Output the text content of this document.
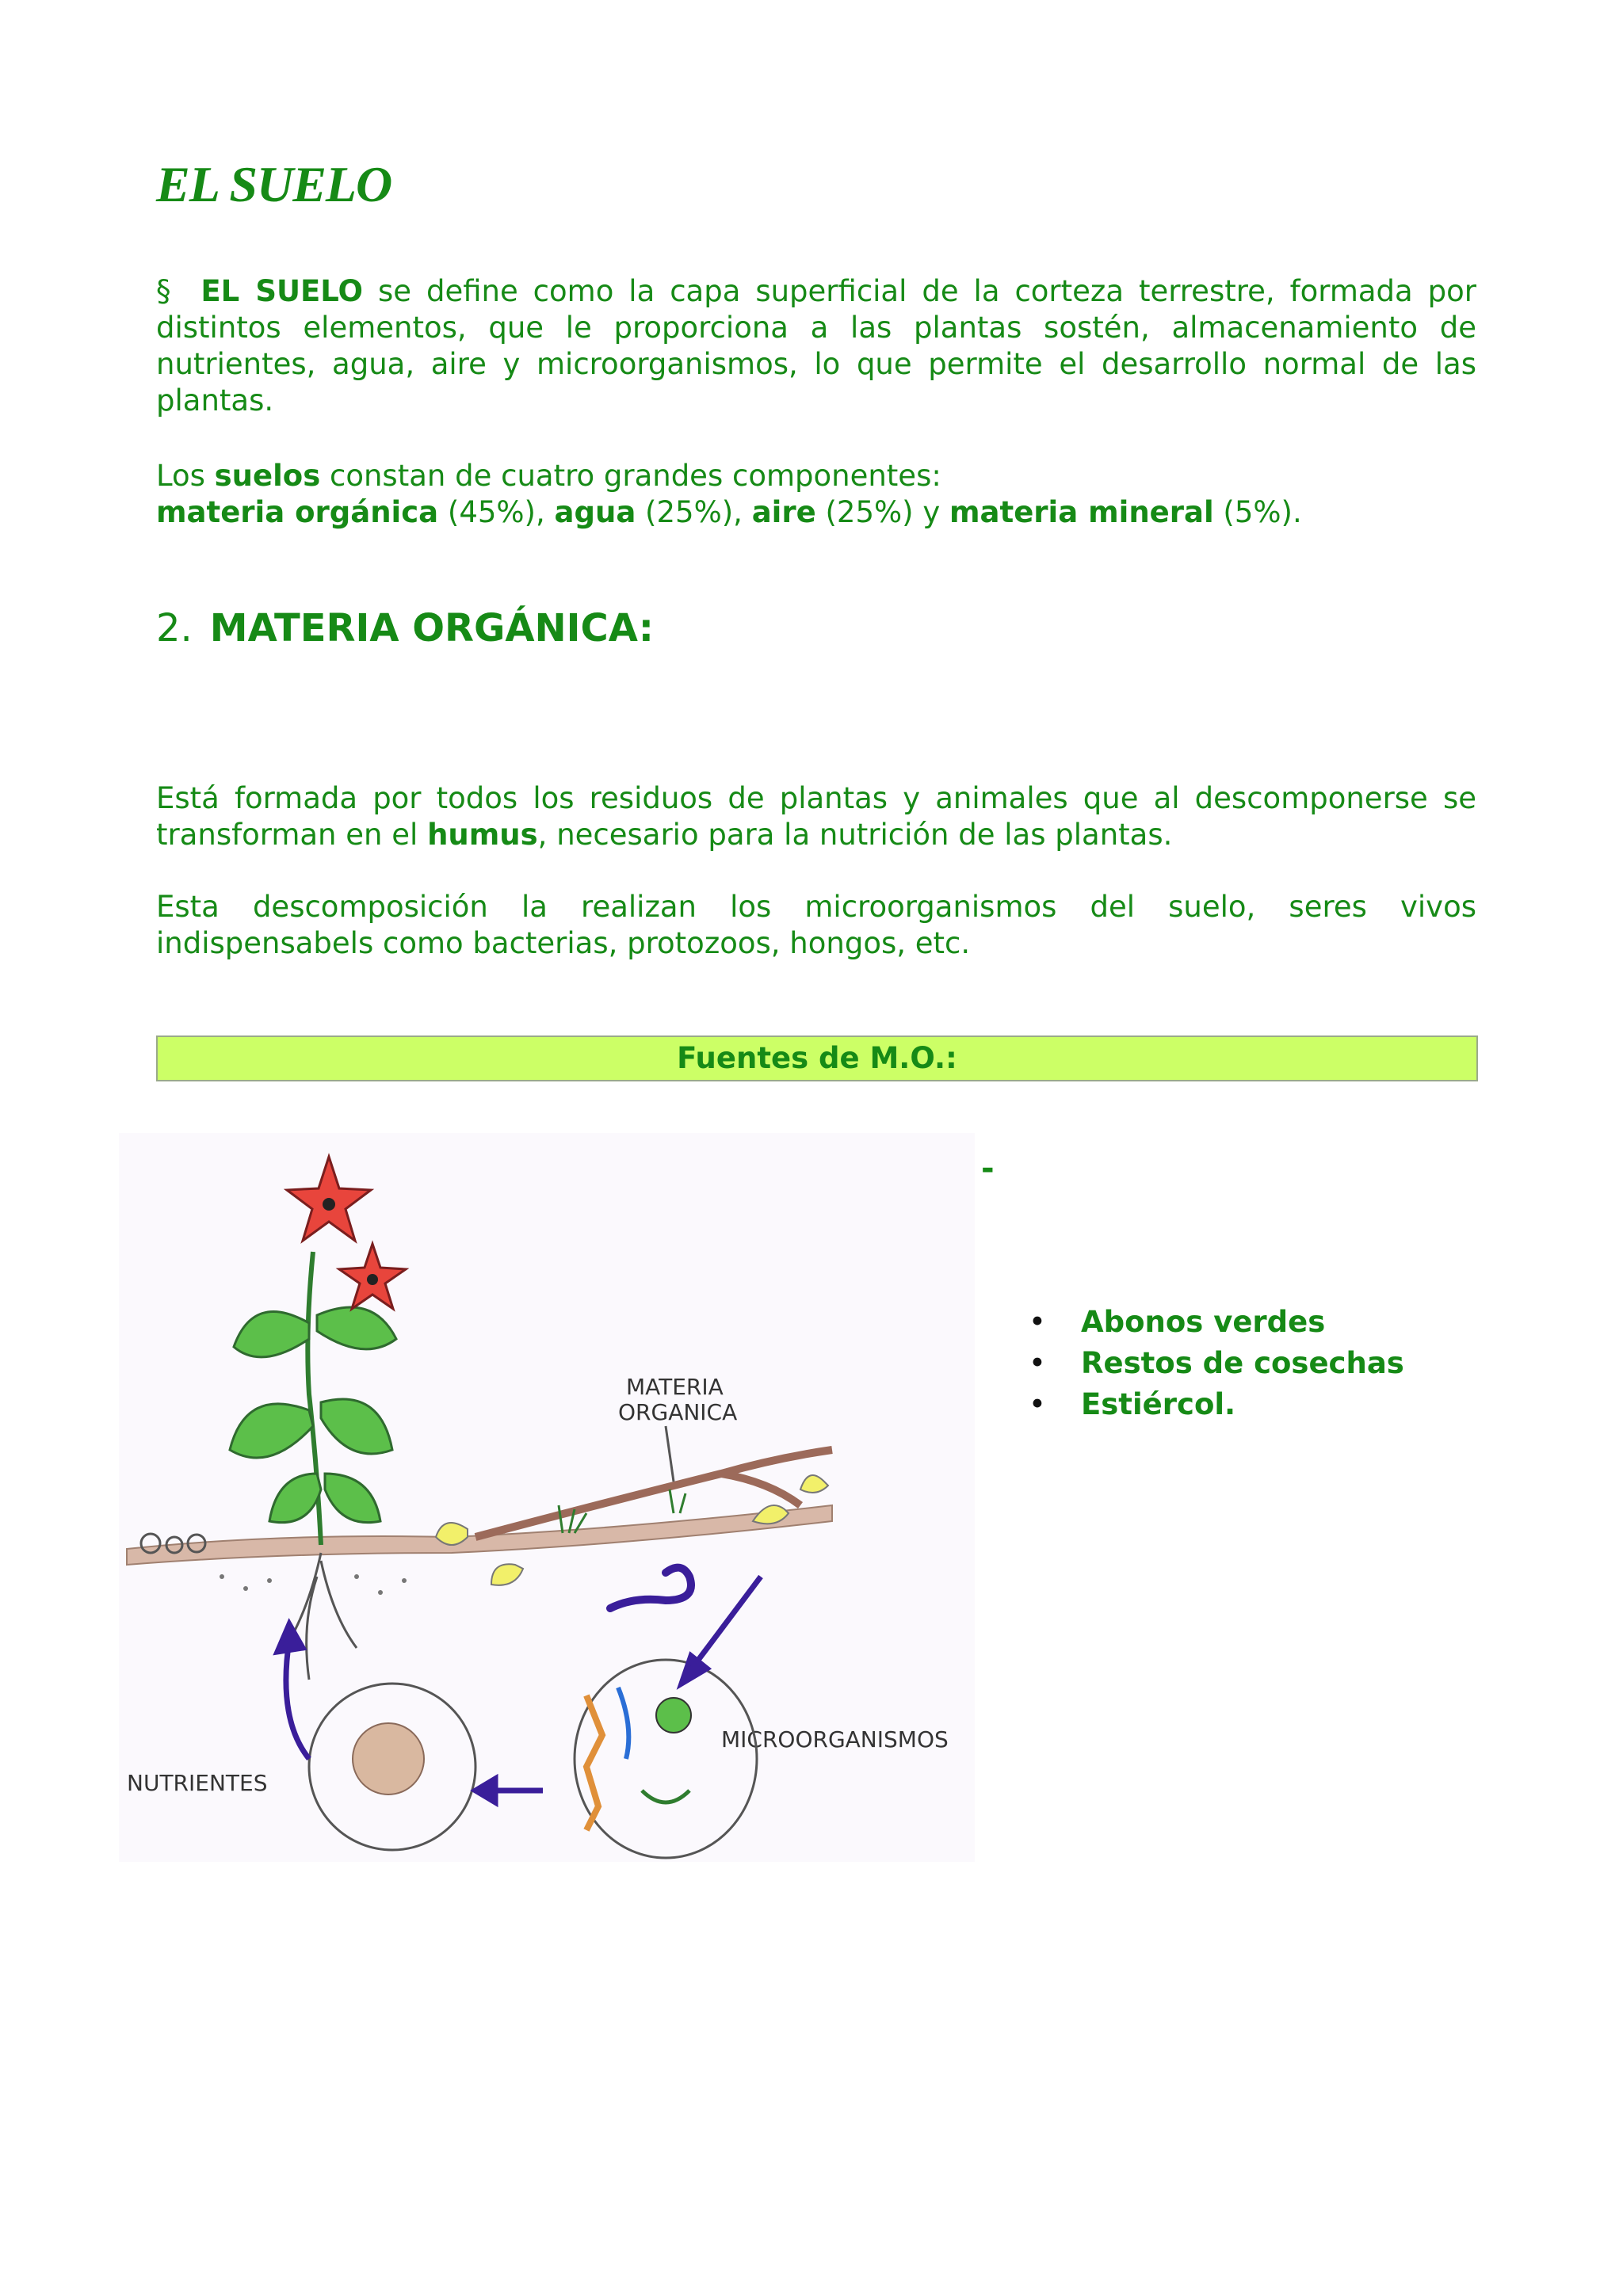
EL SUELO

§ EL SUELO se define como la capa superficial de la corteza terrestre, formada por distintos elementos, que le proporciona a las plantas sostén, almacenamiento de nutrientes, agua, aire y microorganismos, lo que permite el desarrollo normal de las plantas.

Los suelos constan de cuatro grandes componentes:
materia orgánica (45%), agua (25%), aire (25%) y materia mineral (5%).

2. MATERIA ORGÁNICA:

Está formada por todos los residuos de plantas y animales que al descomponerse se transforman en el humus, necesario para la nutrición de las plantas.

Esta descomposición la realizan los microorganismos del suelo, seres vivos indispensabels como bacterias, protozoos, hongos, etc.

Fuentes de M.O.:
-
• Abonos verdes
• Restos de cosechas
• Estiércol.
MATERIA
ORGANICA
MICROORGANISMOS
NUTRIENTES
